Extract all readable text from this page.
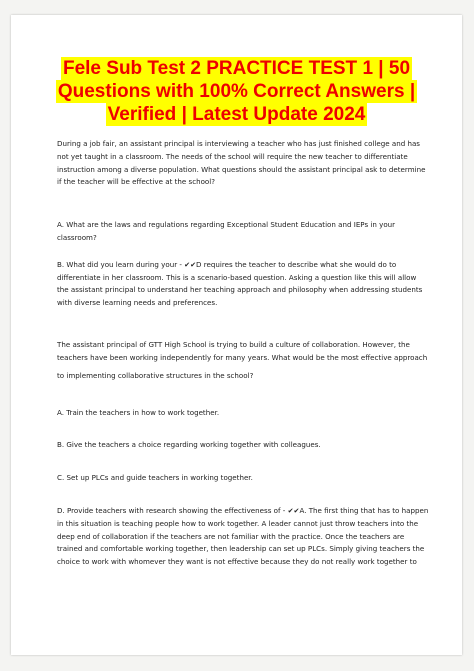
Fele Sub Test 2 PRACTICE TEST 1 | 50
Questions with 100% Correct Answers |
Verified | Latest Update 2024

During a job fair, an assistant principal is interviewing a teacher who has just finished college and has not yet taught in a classroom. The needs of the school will require the new teacher to differentiate instruction among a diverse population. What questions should the assistant principal ask to determine if the teacher will be effective at the school?

A. What are the laws and regulations regarding Exceptional Student Education and IEPs in your classroom?

B. What did you learn during your - ✔✔D requires the teacher to describe what she would do to differentiate in her classroom. This is a scenario-based question. Asking a question like this will allow the assistant principal to understand her teaching approach and philosophy when addressing students with diverse learning needs and preferences.

The assistant principal of GTT High School is trying to build a culture of collaboration. However, the teachers have been working independently for many years. What would be the most effective approach
to implementing collaborative structures in the school?

A. Train the teachers in how to work together.

B. Give the teachers a choice regarding working together with colleagues.

C. Set up PLCs and guide teachers in working together.

D. Provide teachers with research showing the effectiveness of - ✔✔A. The first thing that has to happen in this situation is teaching people how to work together. A leader cannot just throw teachers into the deep end of collaboration if the teachers are not familiar with the practice. Once the teachers are trained and comfortable working together, then leadership can set up PLCs. Simply giving teachers the choice to work with whomever they want is not effective because they do not really work together to
